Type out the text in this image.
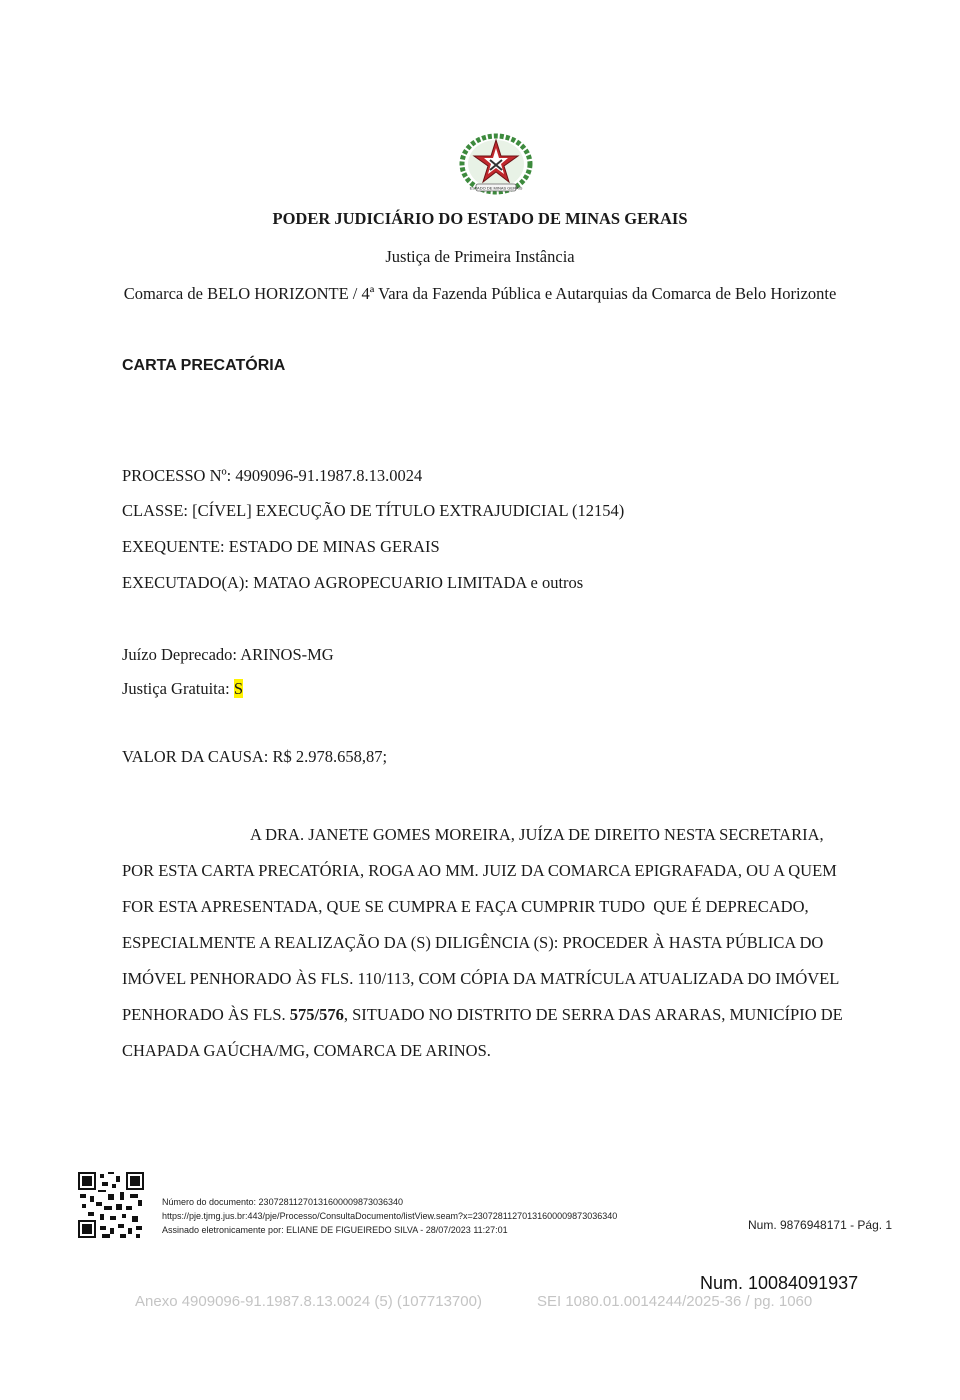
ESTADO DE MINAS GERAIS
PODER JUDICIÁRIO DO ESTADO DE MINAS GERAIS
Justiça de Primeira Instância
Comarca de BELO HORIZONTE / 4ª Vara da Fazenda Pública e Autarquias da Comarca de Belo Horizonte
CARTA PRECATÓRIA
PROCESSO Nº: 4909096-91.1987.8.13.0024
CLASSE: [CÍVEL] EXECUÇÃO DE TÍTULO EXTRAJUDICIAL (12154)
EXEQUENTE: ESTADO DE MINAS GERAIS
EXECUTADO(A): MATAO AGROPECUARIO LIMITADA e outros
Juízo Deprecado: ARINOS-MG
Justiça Gratuita: S
VALOR DA CAUSA: R$ 2.978.658,87;
A DRA. JANETE GOMES MOREIRA, JUÍZA DE DIREITO NESTA SECRETARIA,
POR ESTA CARTA PRECATÓRIA, ROGA AO MM. JUIZ DA COMARCA EPIGRAFADA, OU A QUEM
FOR ESTA APRESENTADA, QUE SE CUMPRA E FAÇA CUMPRIR TUDO  QUE É DEPRECADO,
ESPECIALMENTE A REALIZAÇÃO DA (S) DILIGÊNCIA (S): PROCEDER À HASTA PÚBLICA DO
IMÓVEL PENHORADO ÀS FLS. 110/113, COM CÓPIA DA MATRÍCULA ATUALIZADA DO IMÓVEL
PENHORADO ÀS FLS. 575/576, SITUADO NO DISTRITO DE SERRA DAS ARARAS, MUNICÍPIO DE
CHAPADA GAÚCHA/MG, COMARCA DE ARINOS.
Número do documento: 23072811270131600009873036340
https://pje.tjmg.jus.br:443/pje/Processo/ConsultaDocumento/listView.seam?x=23072811270131600009873036340
Assinado eletronicamente por: ELIANE DE FIGUEIREDO SILVA - 28/07/2023 11:27:01	Num. 9876948171 - Pág. 1
Num. 10084091937
Anexo 4909096-91.1987.8.13.0024 (5) (107713700)	SEI 1080.01.0014244/2025-36 / pg. 1060
